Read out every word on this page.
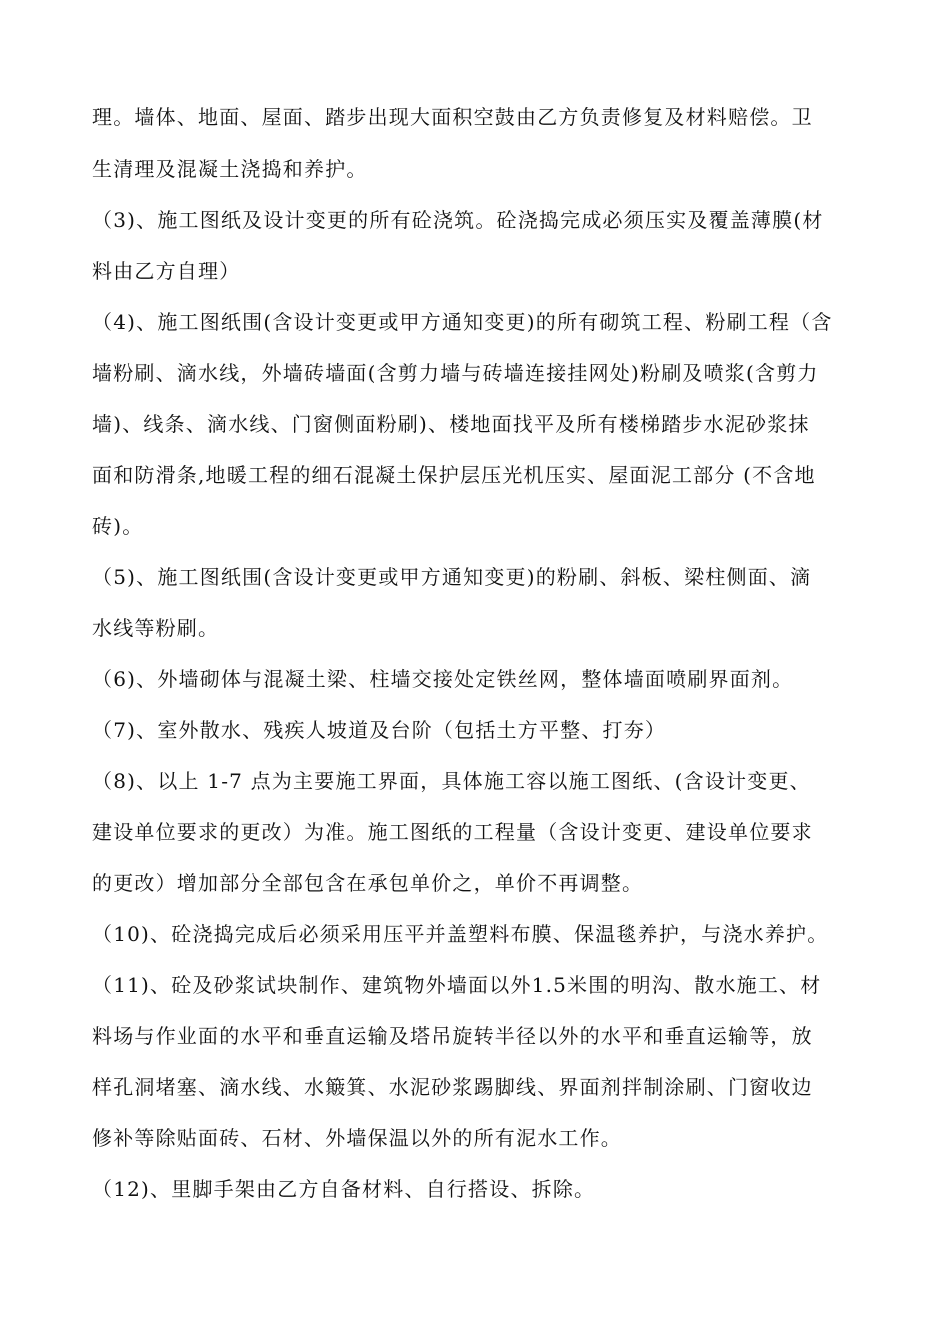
理。墙体、地面、屋面、踏步出现大面积空鼓由乙方负责修复及材料赔偿。卫
生清理及混凝土浇捣和养护。
（3)、施工图纸及设计变更的所有砼浇筑。砼浇捣完成必须压实及覆盖薄膜(材
料由乙方自理）
（4)、施工图纸围(含设计变更或甲方通知变更)的所有砌筑工程、粉刷工程（含
墙粉刷、滴水线，外墙砖墙面(含剪力墙与砖墙连接挂网处)粉刷及喷浆(含剪力
墙)、线条、滴水线、门窗侧面粉刷)、楼地面找平及所有楼梯踏步水泥砂浆抹
面和防滑条,地暖工程的细石混凝土保护层压光机压实、屋面泥工部分 (不含地
砖)。
（5)、施工图纸围(含设计变更或甲方通知变更)的粉刷、斜板、梁柱侧面、滴
水线等粉刷。
（6)、外墙砌体与混凝土梁、柱墙交接处定铁丝网，整体墙面喷刷界面剂。
（7)、室外散水、残疾人坡道及台阶（包括土方平整、打夯）
（8)、以上 1-7 点为主要施工界面，具体施工容以施工图纸、(含设计变更、
建设单位要求的更改）为准。施工图纸的工程量（含设计变更、建设单位要求
的更改）增加部分全部包含在承包单价之，单价不再调整。
（10)、砼浇捣完成后必须采用压平并盖塑料布膜、保温毯养护，与浇水养护。
（11)、砼及砂浆试块制作、建筑物外墙面以外1.5米围的明沟、散水施工、材
料场与作业面的水平和垂直运输及塔吊旋转半径以外的水平和垂直运输等，放
样孔洞堵塞、滴水线、水簸箕、水泥砂浆踢脚线、界面剂拌制涂刷、门窗收边
修补等除贴面砖、石材、外墙保温以外的所有泥水工作。
（12)、里脚手架由乙方自备材料、自行搭设、拆除。
